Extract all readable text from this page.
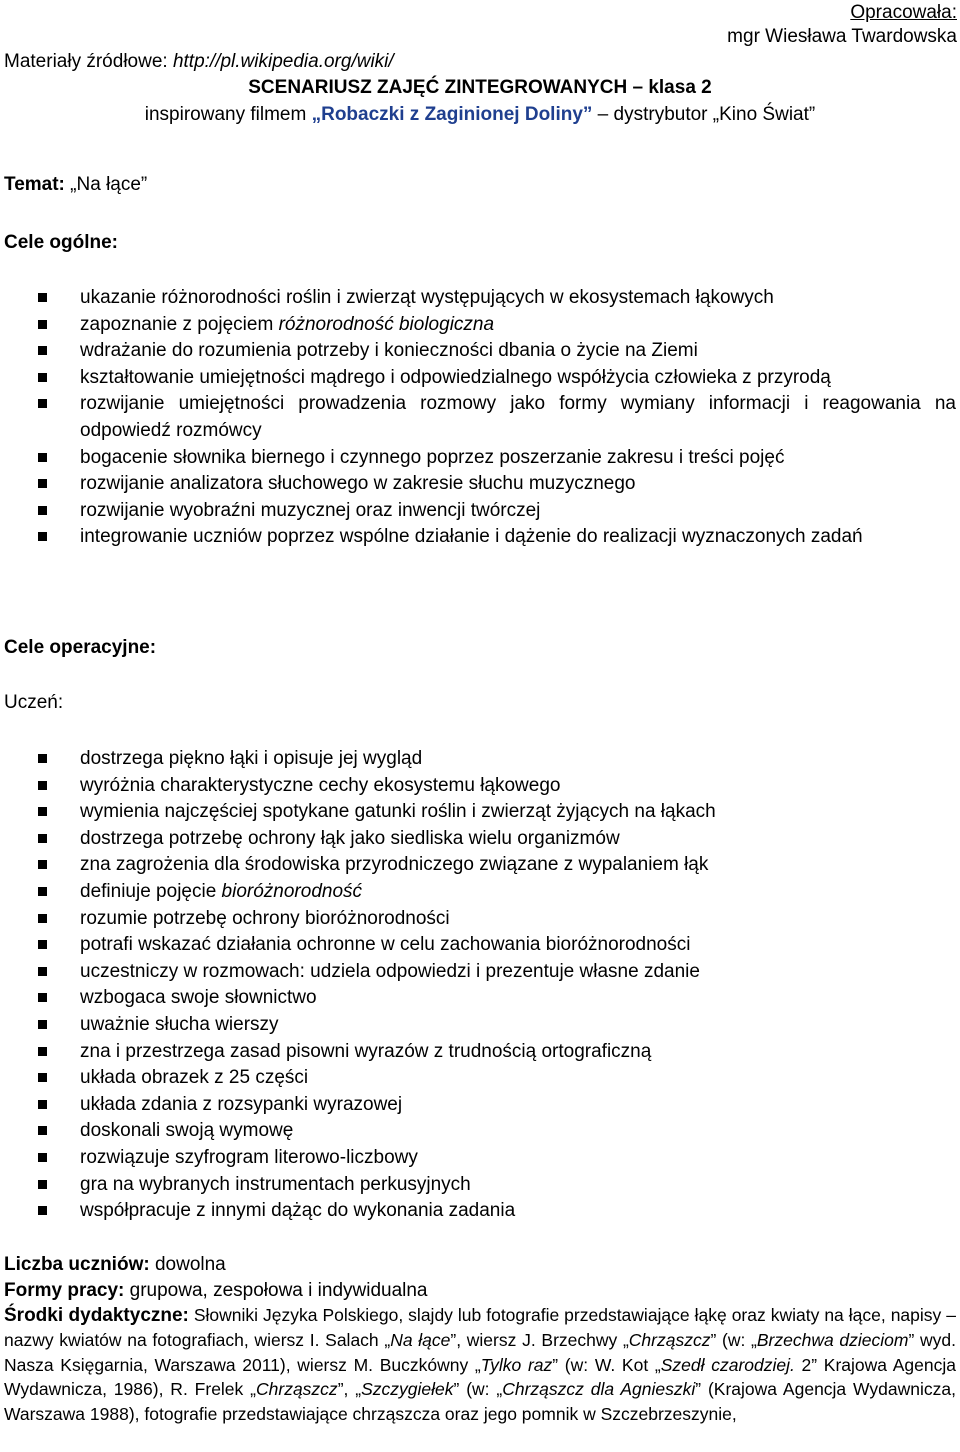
Opracowała:
mgr Wiesława Twardowska
Materiały źródłowe: http://pl.wikipedia.org/wiki/
SCENARIUSZ ZAJĘĆ ZINTEGROWANYCH – klasa 2
inspirowany filmem „Robaczki z Zaginionej Doliny” – dystrybutor „Kino Świat”
Temat: „Na łące”
Cele ogólne:
ukazanie różnorodności roślin i zwierząt występujących w ekosystemach łąkowych
zapoznanie z pojęciem różnorodność biologiczna
wdrażanie do rozumienia potrzeby i konieczności dbania o życie na Ziemi
kształtowanie umiejętności mądrego i odpowiedzialnego współżycia człowieka z przyrodą
rozwijanie umiejętności prowadzenia rozmowy jako formy wymiany informacji i reagowania na odpowiedź rozmówcy
bogacenie słownika biernego i czynnego poprzez poszerzanie zakresu i treści pojęć
rozwijanie analizatora słuchowego w zakresie słuchu muzycznego
rozwijanie wyobraźni muzycznej oraz inwencji twórczej
integrowanie uczniów poprzez wspólne działanie i dążenie do realizacji wyznaczonych zadań
Cele operacyjne:
Uczeń:
dostrzega piękno łąki i opisuje jej wygląd
wyróżnia charakterystyczne cechy ekosystemu łąkowego
wymienia najczęściej spotykane gatunki roślin i zwierząt żyjących na łąkach
dostrzega potrzebę ochrony łąk jako siedliska wielu organizmów
zna zagrożenia dla środowiska przyrodniczego związane z wypalaniem łąk
definiuje pojęcie bioróżnorodność
rozumie potrzebę ochrony bioróżnorodności
potrafi wskazać działania ochronne w celu zachowania bioróżnorodności
uczestniczy w rozmowach: udziela odpowiedzi i prezentuje własne zdanie
wzbogaca swoje słownictwo
uważnie słucha wierszy
zna i przestrzega zasad pisowni wyrazów z trudnością ortograficzną
układa obrazek z 25 części
układa zdania z rozsypanki wyrazowej
doskonali swoją wymowę
rozwiązuje szyfrogram literowo-liczbowy
gra na wybranych instrumentach perkusyjnych
współpracuje z innymi dążąc do wykonania zadania
Liczba uczniów: dowolna
Formy pracy: grupowa, zespołowa i indywidualna
Środki dydaktyczne: Słowniki Języka Polskiego, slajdy lub fotografie przedstawiające łąkę oraz kwiaty na łące, napisy – nazwy kwiatów na fotografiach, wiersz I. Salach „Na łące”, wiersz J. Brzechwy „Chrząszcz” (w: „Brzechwa dzieciom” wyd. Nasza Księgarnia, Warszawa 2011), wiersz M. Buczkówny „Tylko raz” (w: W. Kot „Szedł czarodziej. 2” Krajowa Agencja Wydawnicza, 1986), R. Frelek „Chrząszcz”, „Szczygiełek” (w: „Chrząszcz dla Agnieszki” (Krajowa Agencja Wydawnicza, Warszawa 1988), fotografie przedstawiające chrząszcza oraz jego pomnik w Szczebrzeszynie,
